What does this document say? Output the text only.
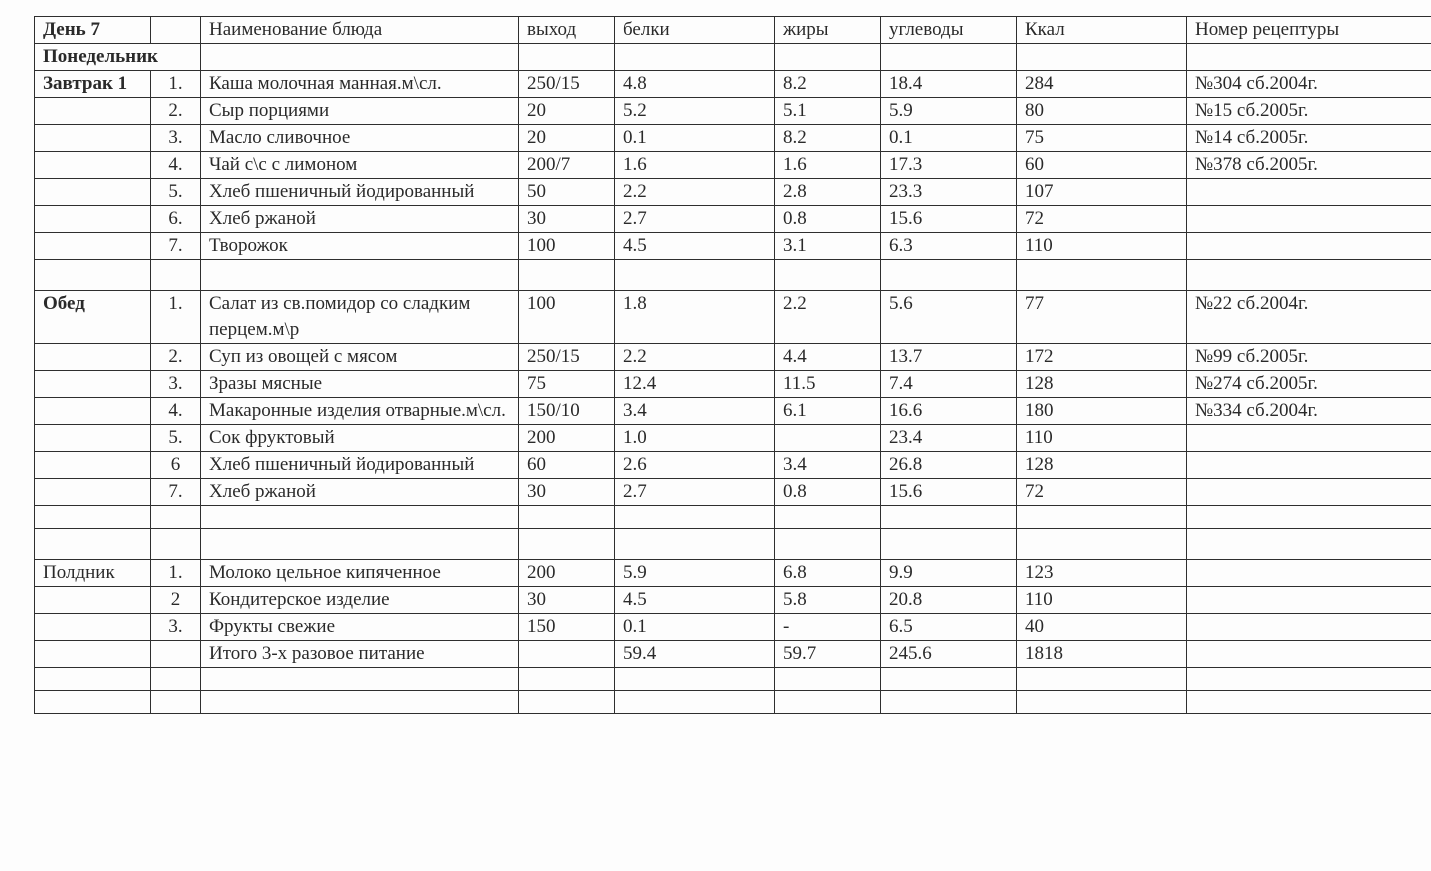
День 7		Наименование блюда	выход	белки	жиры	углеводы	Ккал	Номер рецептуры
Понедельник								
Завтрак 1	1.	Каша молочная манная.м\сл.	250/15	4.8	8.2	18.4	284	№304 сб.2004г.
	2.	Сыр порциями	20	5.2	5.1	5.9	80	№15 сб.2005г.
	3.	Масло сливочное	20	0.1	8.2	0.1	75	№14 сб.2005г.
	4.	Чай с\с с лимоном	200/7	1.6	1.6	17.3	60	№378 сб.2005г.
	5.	Хлеб пшеничный йодированный	50	2.2	2.8	23.3	107	
	6.	Хлеб ржаной	30	2.7	0.8	15.6	72	
	7.	Творожок	100	4.5	3.1	6.3	110	

Обед	1.	Салат из св.помидор со сладким перцем.м\р	100	1.8	2.2	5.6	77	№22 сб.2004г.
	2.	Суп из овощей с мясом	250/15	2.2	4.4	13.7	172	№99 сб.2005г.
	3.	Зразы мясные	75	12.4	11.5	7.4	128	№274 сб.2005г.
	4.	Макаронные изделия отварные.м\сл.	150/10	3.4	6.1	16.6	180	№334 сб.2004г.
	5.	Сок фруктовый	200	1.0		23.4	110	
	6	Хлеб пшеничный йодированный	60	2.6	3.4	26.8	128	
	7.	Хлеб ржаной	30	2.7	0.8	15.6	72	

Полдник	1.	Молоко цельное кипяченное	200	5.9	6.8	9.9	123	
	2	Кондитерское изделие	30	4.5	5.8	20.8	110	
	3.	Фрукты свежие	150	0.1	-	6.5	40	
		Итого 3-х разовое питание		59.4	59.7	245.6	1818	
